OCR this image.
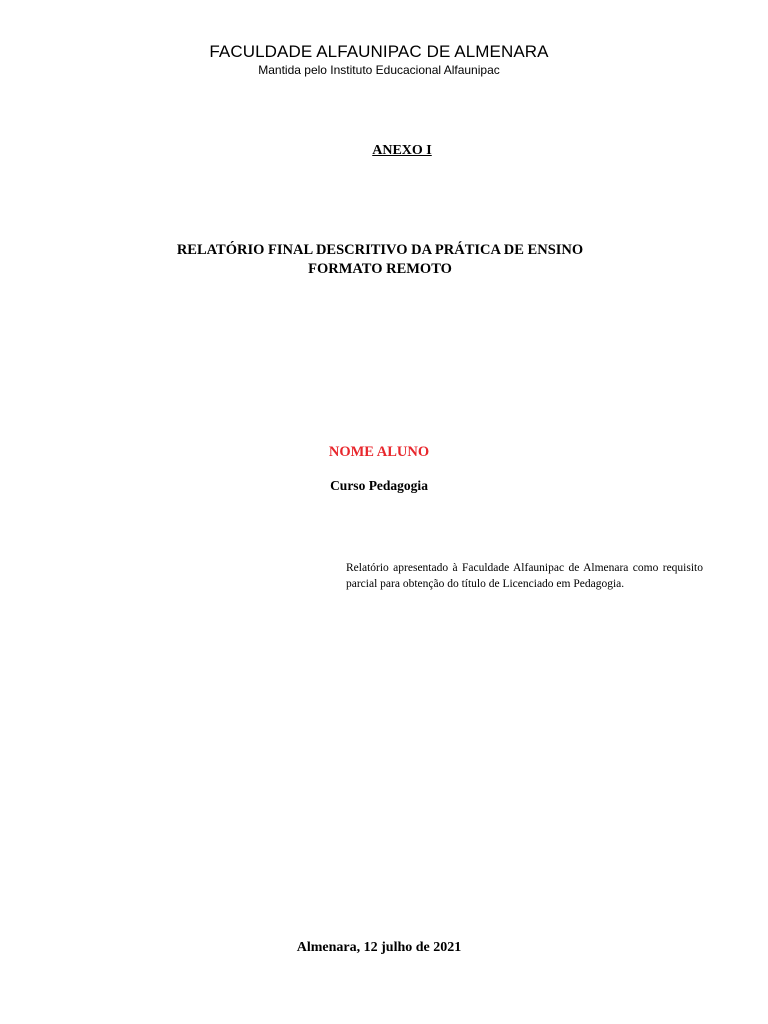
FACULDADE ALFAUNIPAC DE ALMENARA
Mantida pelo Instituto Educacional Alfaunipac
ANEXO I
RELATÓRIO FINAL DESCRITIVO DA PRÁTICA DE ENSINO
FORMATO REMOTO
NOME ALUNO
Curso Pedagogia
Relatório apresentado à Faculdade Alfaunipac de Almenara como requisito parcial para obtenção do título de Licenciado em Pedagogia.
Almenara, 12 julho de 2021
